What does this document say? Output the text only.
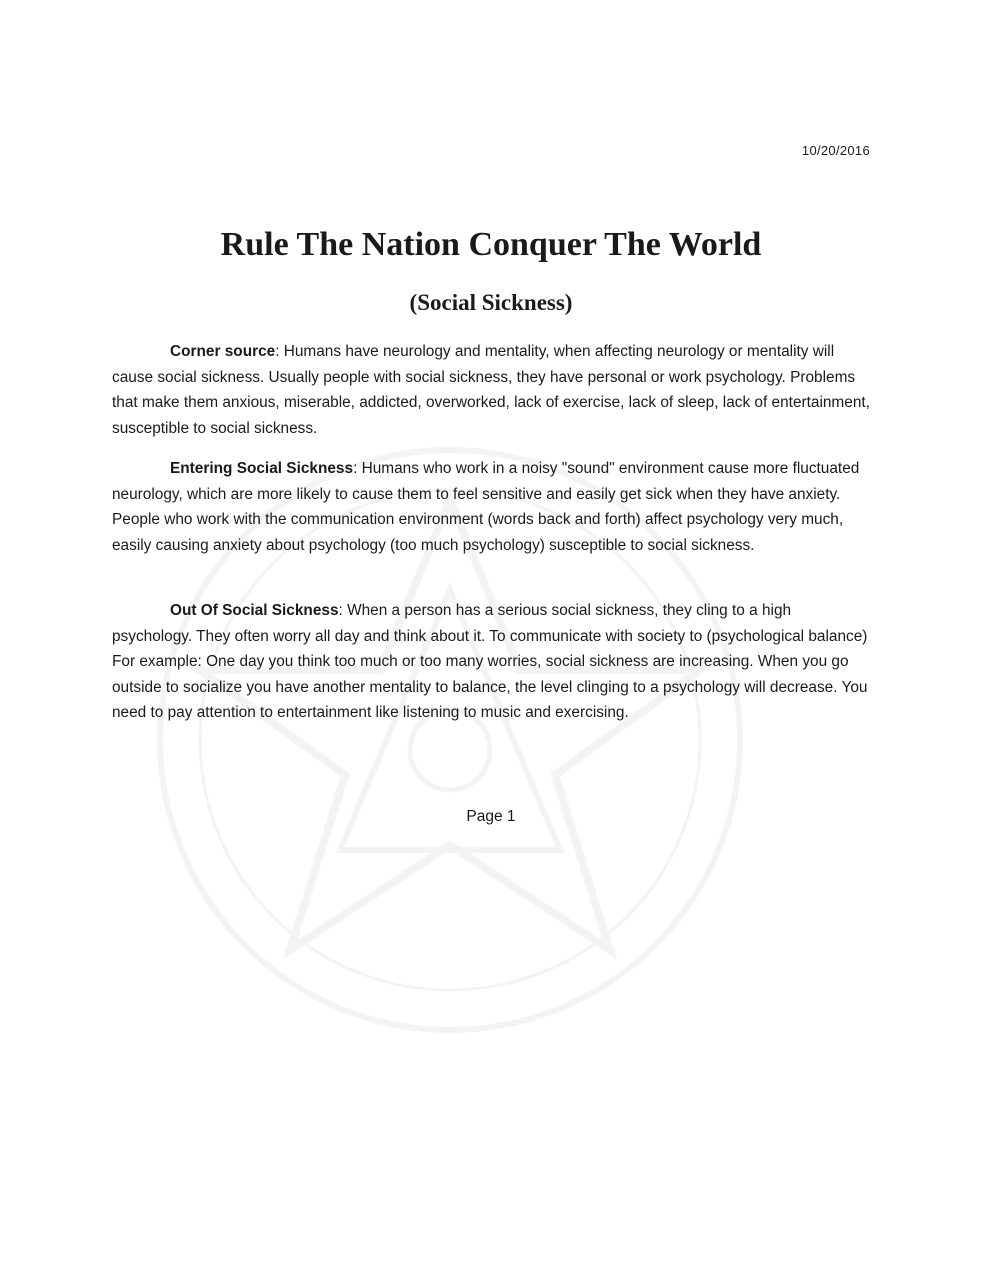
10/20/2016
Rule The Nation Conquer The World
(Social Sickness)

Corner source: Humans have neurology and mentality, when affecting neurology or mentality will cause social sickness. Usually people with social sickness, they have personal or work psychology. Problems that make them anxious, miserable, addicted, overworked, lack of exercise, lack of sleep, lack of entertainment, susceptible to social sickness.

Entering Social Sickness: Humans who work in a noisy "sound" environment cause more fluctuated neurology, which are more likely to cause them to feel sensitive and easily get sick when they have anxiety. People who work with the communication environment (words back and forth) affect psychology very much, easily causing anxiety about psychology (too much psychology) susceptible to social sickness.

Out Of Social Sickness: When a person has a serious social sickness, they cling to a high psychology. They often worry all day and think about it. To communicate with society to (psychological balance) For example: One day you think too much or too many worries, social sickness are increasing. When you go outside to socialize you have another mentality to balance, the level clinging to a psychology will decrease. You need to pay attention to entertainment like listening to music and exercising.

Page 1
